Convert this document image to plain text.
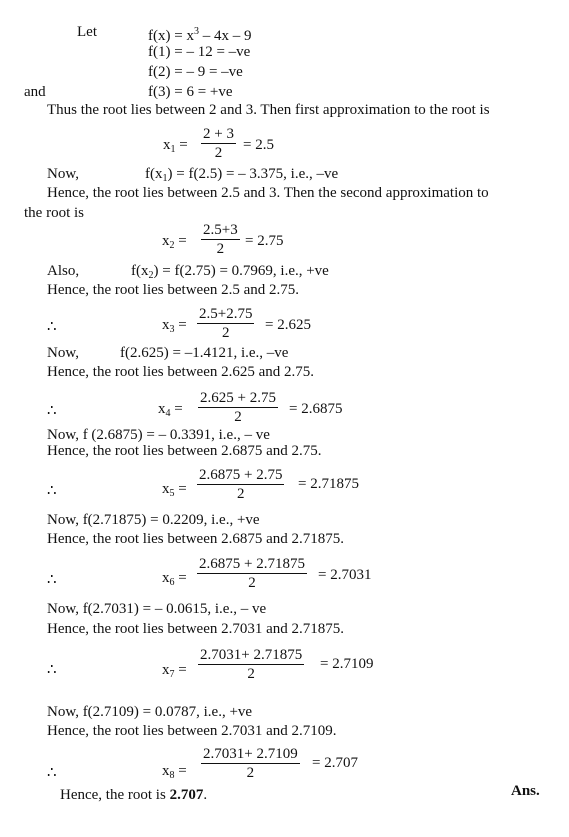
Let	$f(x) = x^3 - 4x - 9$
f(1) = – 12 = –ve
f(2) = – 9 = –ve
and	f(3) = 6 = +ve
Thus the root lies between 2 and 3. Then first approximation to the root is
$x_1 = \frac{2 + 3}{2} = 2.5$
Now,	$f(x_1) = f(2.5)$ = – 3.375, i.e., –ve
Hence, the root lies between 2.5 and 3. Then the second approximation to
the root is
$x_2 = \frac{2.5+3}{2} = 2.75$
Also,	$f(x_2) = f(2.75) = 0.7969$, i.e., +ve
Hence, the root lies between 2.5 and 2.75.
∴	$x_3 = \frac{2.5+2.75}{2} = 2.625$
Now,	f(2.625) = –1.4121, i.e., –ve
Hence, the root lies between 2.625 and 2.75.
∴	$x_4 = \frac{2.625 + 2.75}{2} = 2.6875$
Now, f (2.6875) = – 0.3391, i.e., – ve
Hence, the root lies between 2.6875 and 2.75.
∴	$x_5 = \frac{2.6875 + 2.75}{2} = 2.71875$
Now, f(2.71875) = 0.2209, i.e., +ve
Hence, the root lies between 2.6875 and 2.71875.
∴	$x_6 = \frac{2.6875 + 2.71875}{2} = 2.7031$
Now, f(2.7031) = – 0.0615, i.e., – ve
Hence, the root lies between 2.7031 and 2.71875.
∴	$x_7 = \frac{2.7031+ 2.71875}{2} = 2.7109$
Now, f(2.7109) = 0.0787, i.e., +ve
Hence, the root lies between 2.7031 and 2.7109.
∴	$x_8 = \frac{2.7031+ 2.7109}{2} = 2.707$
Hence, the root is 2.707.	Ans.
